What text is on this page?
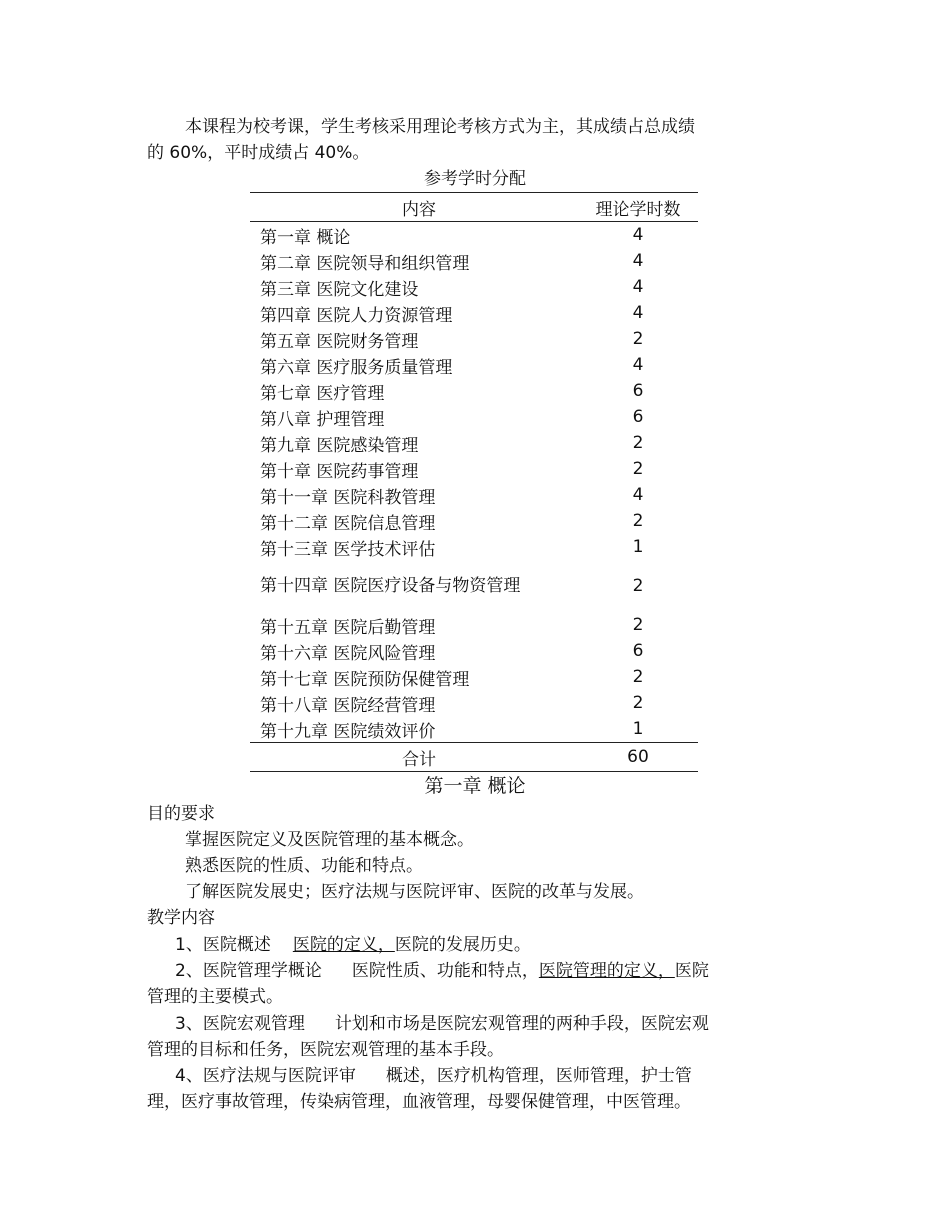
本课程为校考课，学生考核采用理论考核方式为主，其成绩占总成绩
的 60%，平时成绩占 40%。
参考学时分配
内容	理论学时数
第一章 概论	4
第二章 医院领导和组织管理	4
第三章 医院文化建设	4
第四章 医院人力资源管理	4
第五章 医院财务管理	2
第六章 医疗服务质量管理	4
第七章 医疗管理	6
第八章 护理管理	6
第九章 医院感染管理	2
第十章 医院药事管理	2
第十一章 医院科教管理	4
第十二章 医院信息管理	2
第十三章 医学技术评估	1

第十四章 医院医疗设备与物资管理	2
第十五章 医院后勤管理	2
第十六章 医院风险管理	6
第十七章 医院预防保健管理	2
第十八章 医院经营管理	2
第十九章 医院绩效评价	1
合计	60
第一章 概论
目的要求
掌握医院定义及医院管理的基本概念。
熟悉医院的性质、功能和特点。
了解医院发展史；医疗法规与医院评审、医院的改革与发展。
教学内容
1、医院概述 医院的定义，医院的发展历史。
2、医院管理学概论 医院性质、功能和特点，医院管理的定义，医院
管理的主要模式。
3、医院宏观管理 计划和市场是医院宏观管理的两种手段，医院宏观
管理的目标和任务，医院宏观管理的基本手段。
4、医疗法规与医院评审 概述，医疗机构管理，医师管理，护士管
理，医疗事故管理，传染病管理，血液管理，母婴保健管理，中医管理。
